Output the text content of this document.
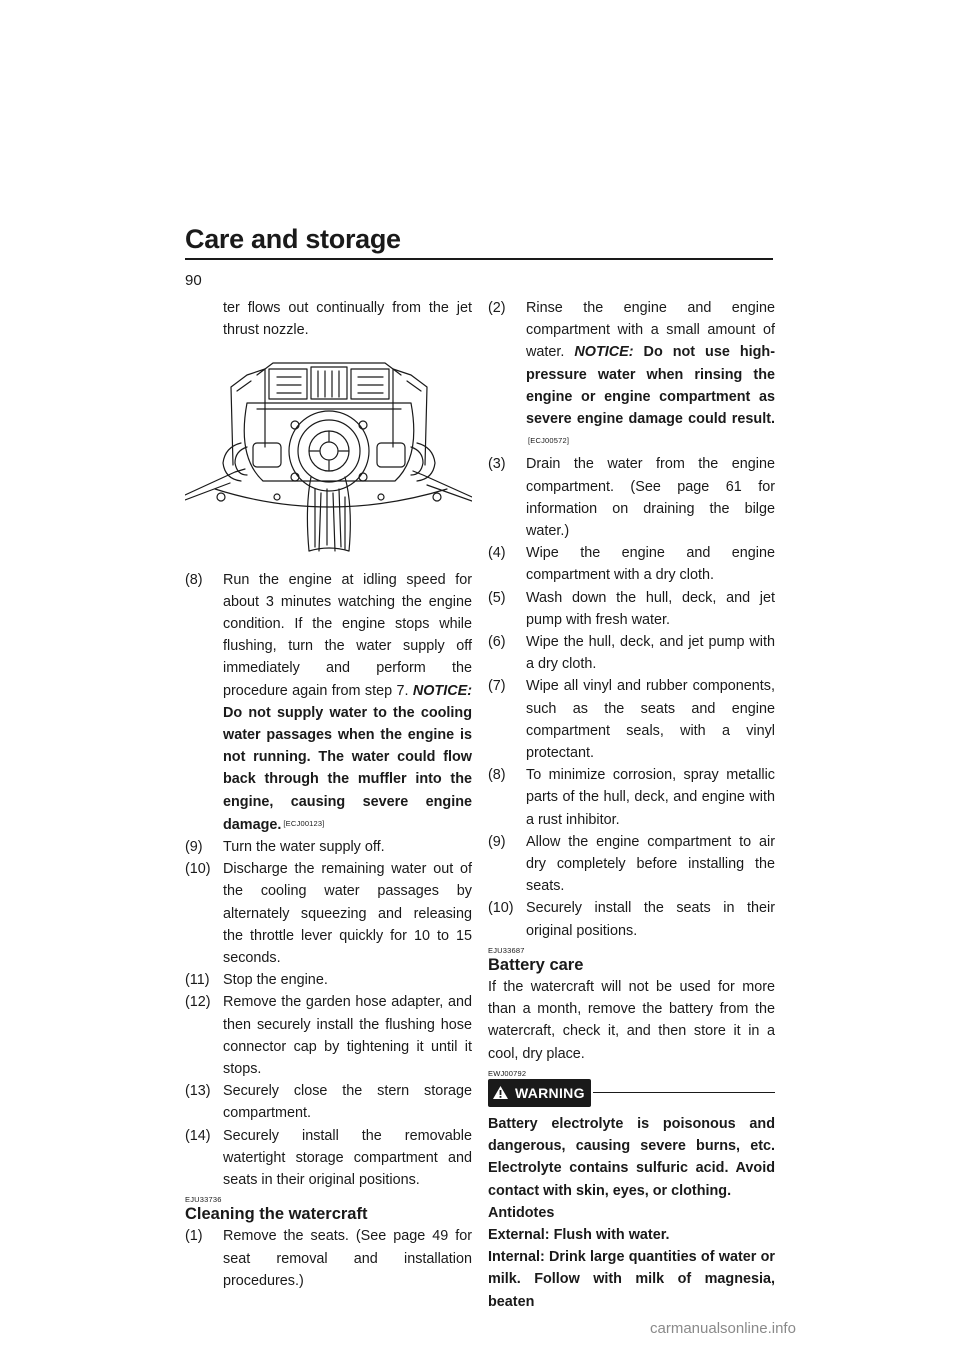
Care and storage
90

ter flows out continually from the jet thrust nozzle.

(8) Run the engine at idling speed for about 3 minutes watching the engine condition. If the engine stops while flushing, turn the water supply off immediately and perform the procedure again from step 7. NOTICE: Do not supply water to the cooling water passages when the engine is not running. The water could flow back through the muffler into the engine, causing severe engine damage. [ECJ00123]
(9) Turn the water supply off.
(10) Discharge the remaining water out of the cooling water passages by alternately squeezing and releasing the throttle lever quickly for 10 to 15 seconds.
(11) Stop the engine.
(12) Remove the garden hose adapter, and then securely install the flushing hose connector cap by tightening it until it stops.
(13) Securely close the stern storage compartment.
(14) Securely install the removable watertight storage compartment and seats in their original positions.
EJU33736
Cleaning the watercraft
(1) Remove the seats. (See page 49 for seat removal and installation procedures.)
(2) Rinse the engine and engine compartment with a small amount of water. NOTICE: Do not use high-pressure water when rinsing the engine or engine compartment as severe engine damage could result.[ECJ00572]
(3) Drain the water from the engine compartment. (See page 61 for information on draining the bilge water.)
(4) Wipe the engine and engine compartment with a dry cloth.
(5) Wash down the hull, deck, and jet pump with fresh water.
(6) Wipe the hull, deck, and jet pump with a dry cloth.
(7) Wipe all vinyl and rubber components, such as the seats and engine compartment seals, with a vinyl protectant.
(8) To minimize corrosion, spray metallic parts of the hull, deck, and engine with a rust inhibitor.
(9) Allow the engine compartment to air dry completely before installing the seats.
(10) Securely install the seats in their original positions.
EJU33687
Battery care

If the watercraft will not be used for more than a month, remove the battery from the watercraft, check it, and then store it in a cool, dry place.

EWJ00792
WARNING

Battery electrolyte is poisonous and dangerous, causing severe burns, etc. Electrolyte contains sulfuric acid. Avoid contact with skin, eyes, or clothing.

Antidotes

External: Flush with water.

Internal: Drink large quantities of water or milk. Follow with milk of magnesia, beaten

carmanualsonline.info
